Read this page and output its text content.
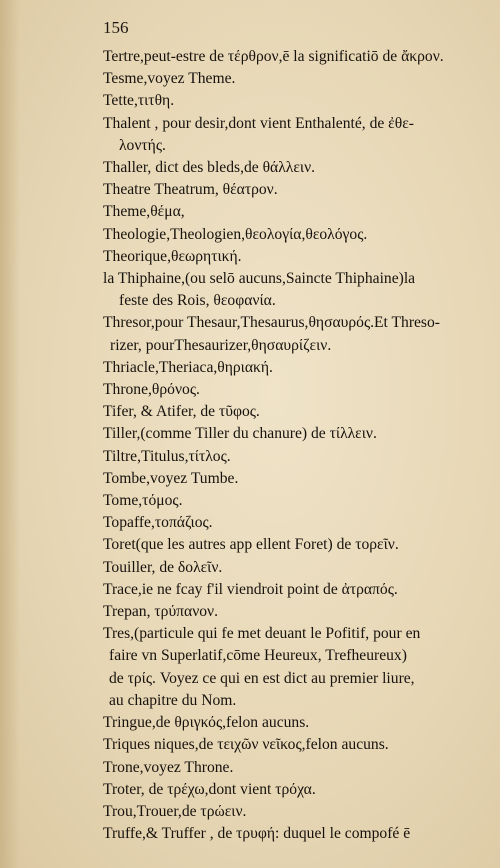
156
Tertre,peut-estre de τέρθρον,ē la significatiō de ἄκρον.
Tesme,voyez Theme.
Tette,τιτθη.
Thalent , pour desir,dont vient Enthalenté, de ἐθε-
λοντής.
Thaller, dict des bleds,de θάλλειν.
Theatre Theatrum, θέατρον.
Theme,θέμα,
Theologie,Theologien,θεολογία,θεολόγος.
Theorique,θεωρητική.
la Thiphaine,(ou selō aucuns,Saincte Thiphaine)la
feste des Rois, θεοφανία.
Thresor,pour Thesaur,Thesaurus,θησαυρός.Et Threso-
rizer, pourThesaurizer,θησαυρίζειν.
Thriacle,Theriaca,θηριακή.
Throne,θρόνος.
Tifer, & Atifer, de τῦφος.
Tiller,(comme Tiller du chanure) de τίλλειν.
Tiltre,Titulus,τίτλος.
Tombe,voyez Tumbe.
Tome,τόμος.
Topaffe,τοπάζιος.
Toret(que les autres app ellent Foret) de τορεῖν.
Touiller, de δολεῖν.
Trace,ie ne fcay f'il viendroit point de ἀτραπός.
Trepan, τρύπανον.
Tres,(particule qui fe met deuant le Pofitif, pour en
faire vn Superlatif,cōme Heureux, Trefheureux)
de τρίς. Voyez ce qui en est dict au premier liure,
au chapitre du Nom.
Tringue,de θριγκός,felon aucuns.
Triques niques,de τειχῶν νεῖκος,felon aucuns.
Trone,voyez Throne.
Troter, de τρέχω,dont vient τρόχα.
Trou,Trouer,de τρώειν.
Truffe,& Truffer , de τρυφή: duquel le compofé ē
